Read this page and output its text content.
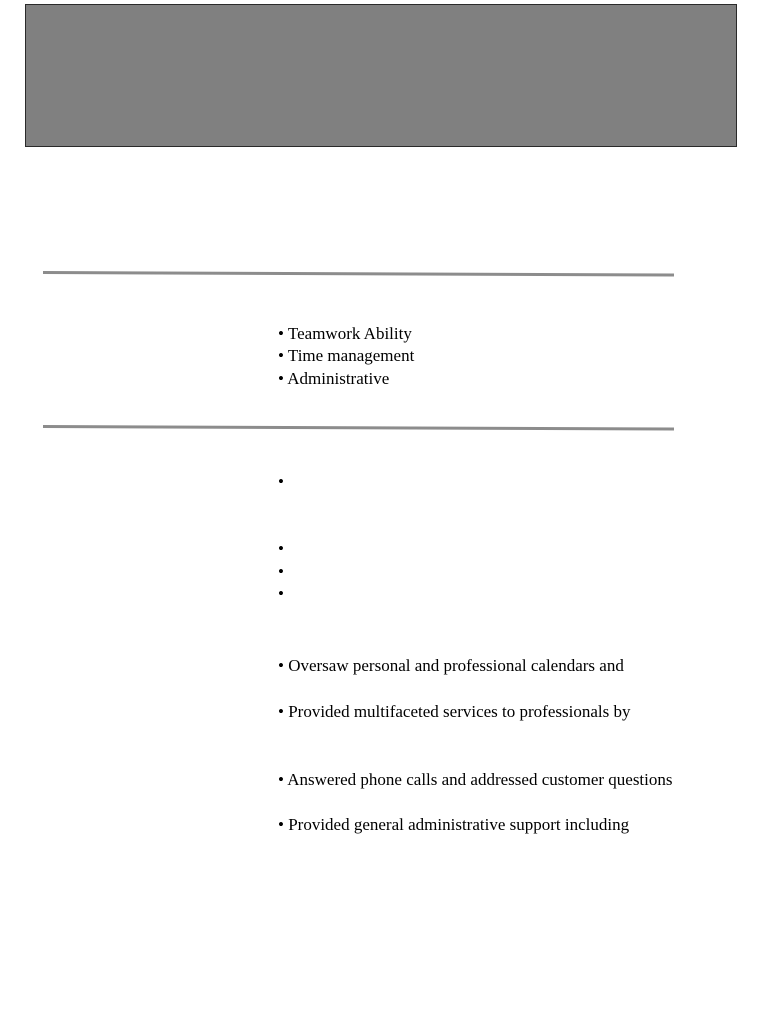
• Teamwork Ability
• Time management
• Administrative
•
•
•
•
• Oversaw personal and professional calendars and
• Provided multifaceted services to professionals by
• Answered phone calls and addressed customer questions
• Provided general administrative support including
